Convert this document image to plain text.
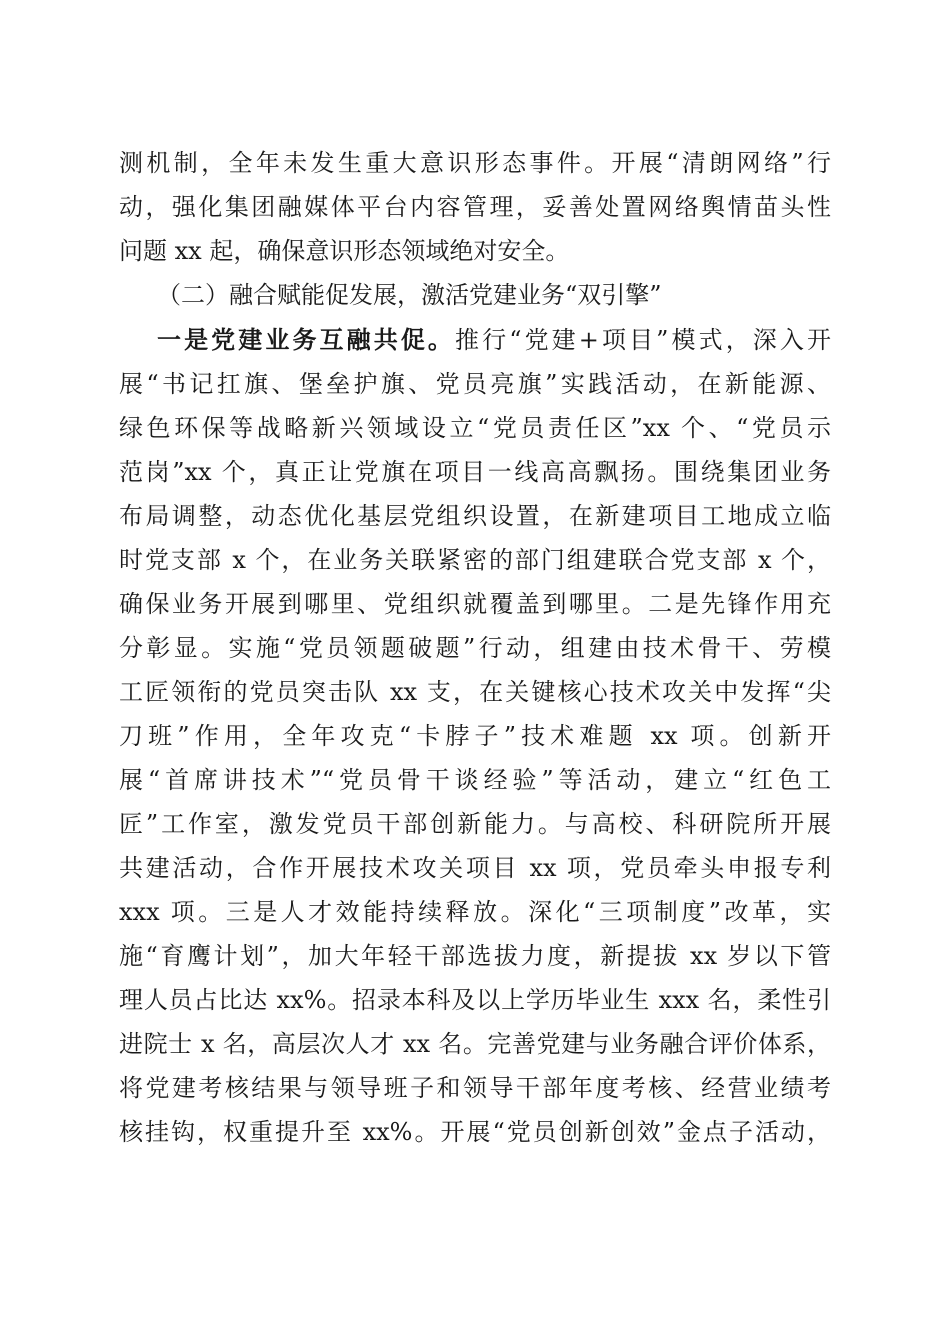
测机制，全年未发生重大意识形态事件。开展“清朗网络”行
动，强化集团融媒体平台内容管理，妥善处置网络舆情苗头性
问题 xx 起，确保意识形态领域绝对安全。
（二）融合赋能促发展，激活党建业务“双引擎”
一是党建业务互融共促。推行“党建+项目”模式，深入开
展“书记扛旗、堡垒护旗、党员亮旗”实践活动，在新能源、
绿色环保等战略新兴领域设立“党员责任区”xx 个、“党员示
范岗”xx 个，真正让党旗在项目一线高高飘扬。围绕集团业务
布局调整，动态优化基层党组织设置，在新建项目工地成立临
时党支部 x 个，在业务关联紧密的部门组建联合党支部 x 个，
确保业务开展到哪里、党组织就覆盖到哪里。二是先锋作用充
分彰显。实施“党员领题破题”行动，组建由技术骨干、劳模
工匠领衔的党员突击队 xx 支，在关键核心技术攻关中发挥“尖
刀班”作用，全年攻克“卡脖子”技术难题 xx 项。创新开
展“首席讲技术”“党员骨干谈经验”等活动，建立“红色工
匠”工作室，激发党员干部创新能力。与高校、科研院所开展
共建活动，合作开展技术攻关项目 xx 项，党员牵头申报专利
xxx 项。三是人才效能持续释放。深化“三项制度”改革，实
施“育鹰计划”，加大年轻干部选拔力度，新提拔 xx 岁以下管
理人员占比达 xx%。招录本科及以上学历毕业生 xxx 名，柔性引
进院士 x 名，高层次人才 xx 名。完善党建与业务融合评价体系，
将党建考核结果与领导班子和领导干部年度考核、经营业绩考
核挂钩，权重提升至 xx%。开展“党员创新创效”金点子活动，
